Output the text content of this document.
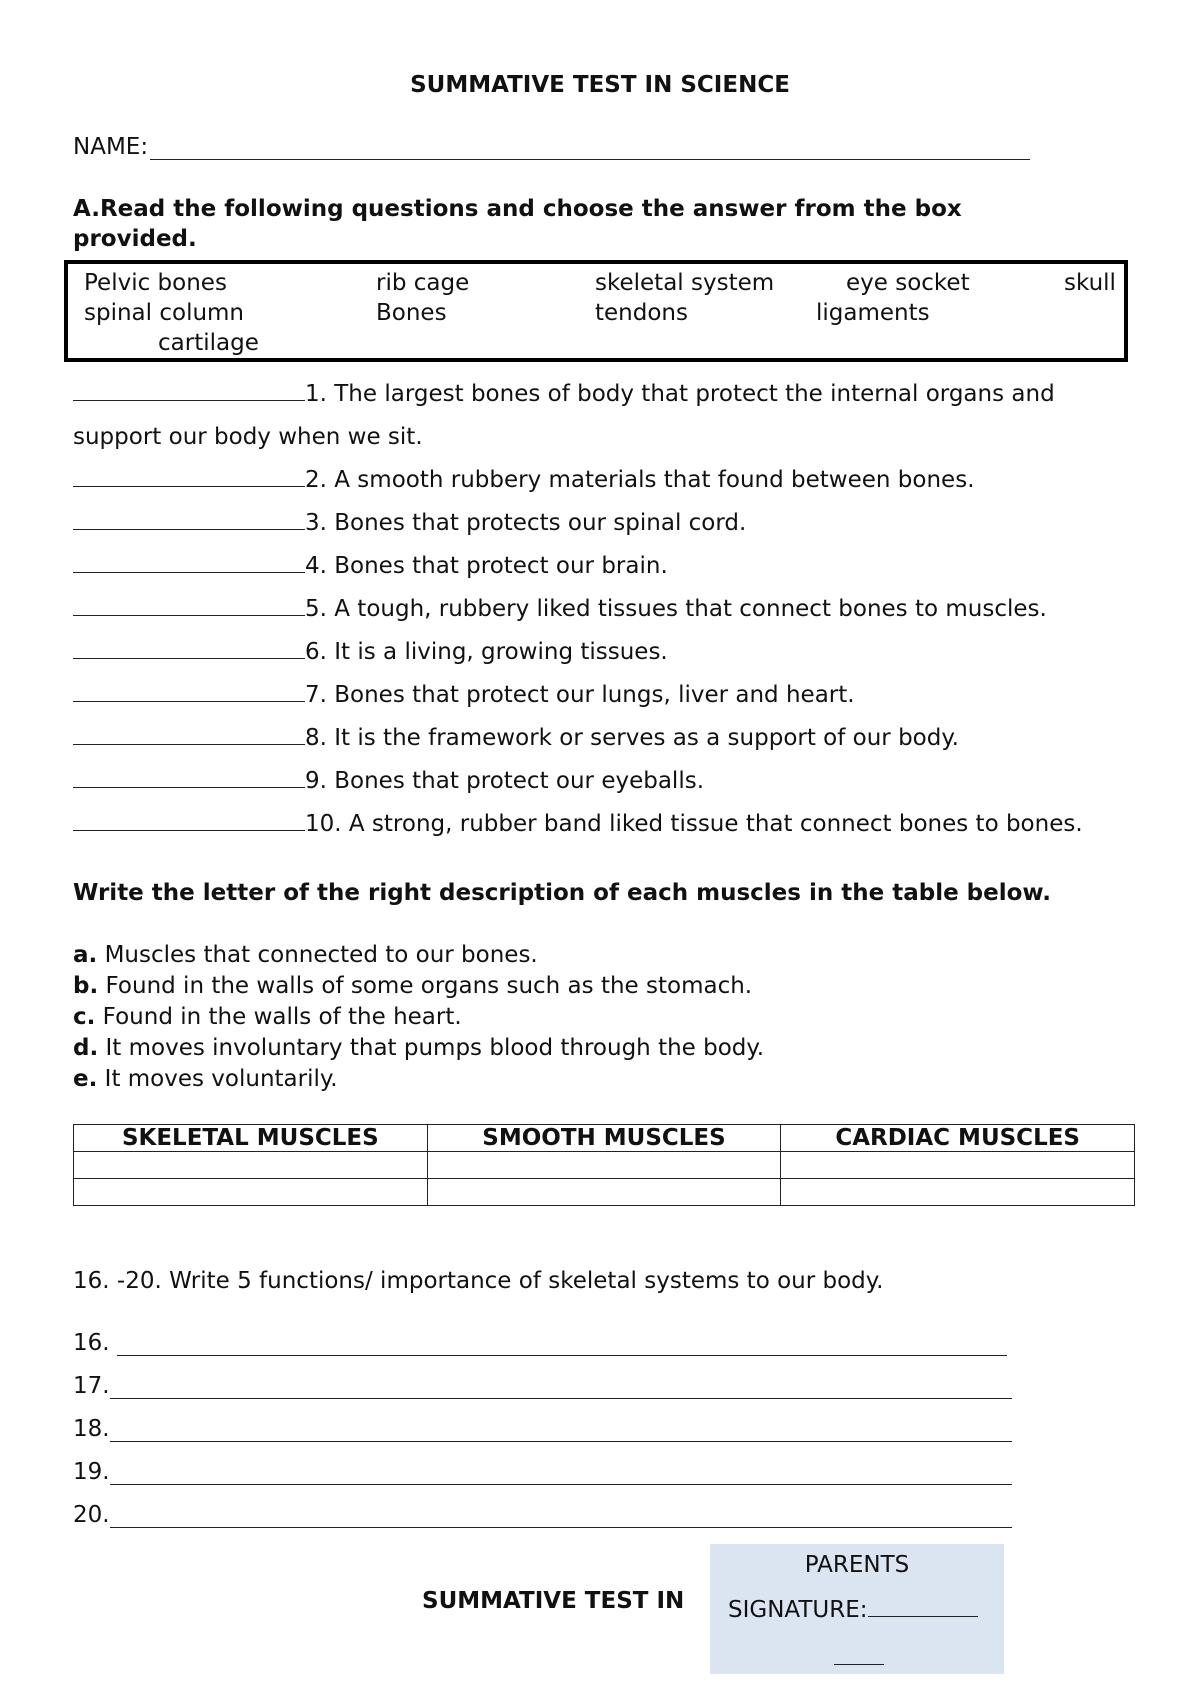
SUMMATIVE TEST IN SCIENCE
NAME:
A.Read the following questions and choose the answer from the box provided.
Pelvic bones	rib cage	skeletal system	eye socket	skull
spinal column	Bones	tendons	ligaments
cartilage
1. The largest bones of body that protect the internal organs and
support our body when we sit.
2. A smooth rubbery materials that found between bones.
3. Bones that protects our spinal cord.
4. Bones that protect our brain.
5. A tough, rubbery liked tissues that connect bones to muscles.
6. It is a living, growing tissues.
7. Bones that protect our lungs, liver and heart.
8. It is the framework or serves as a support of our body.
9. Bones that protect our eyeballs.
10. A strong, rubber band liked tissue that connect bones to bones.
Write the letter of the right description of each muscles in the table below.
a. Muscles that connected to our bones.
b. Found in the walls of some organs such as the stomach.
c. Found in the walls of the heart.
d. It moves involuntary that pumps blood through the body.
e. It moves voluntarily.
SKELETAL MUSCLES	SMOOTH MUSCLES	CARDIAC MUSCLES

16. -20. Write 5 functions/ importance of skeletal systems to our body.
16.
17.
18.
19.
20.
SUMMATIVE TEST IN
PARENTS
SIGNATURE:
